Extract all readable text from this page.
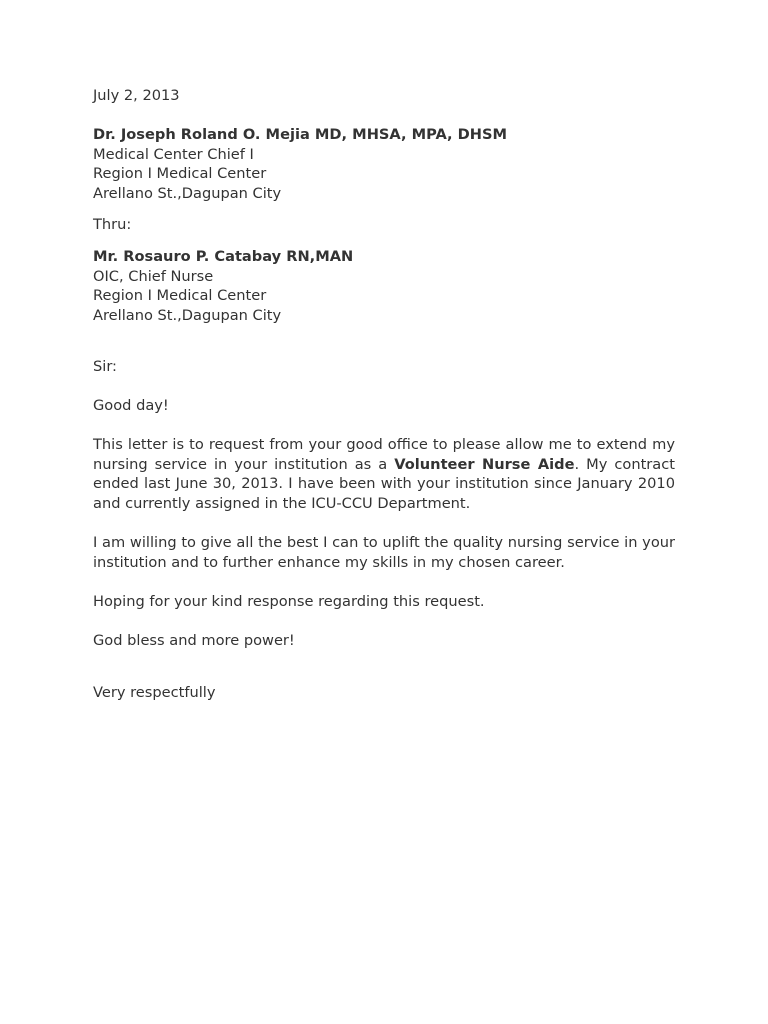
July 2, 2013
Dr. Joseph Roland O. Mejia MD, MHSA, MPA, DHSM
Medical Center Chief I
Region I Medical Center
Arellano St.,Dagupan City
Thru:
Mr. Rosauro P. Catabay RN,MAN
OIC, Chief Nurse
Region I Medical Center
Arellano St.,Dagupan City
Sir:
Good day!

This letter is to request from your good office to please allow me to extend my nursing service in your institution as a Volunteer Nurse Aide. My contract ended last June 30, 2013. I have been with your institution since January 2010 and currently assigned in the ICU-CCU Department.

I am willing to give all the best I can to uplift the quality nursing service in your institution and to further enhance my skills in my chosen career.

Hoping for your kind response regarding this request.

God bless and more power!

Very respectfully
